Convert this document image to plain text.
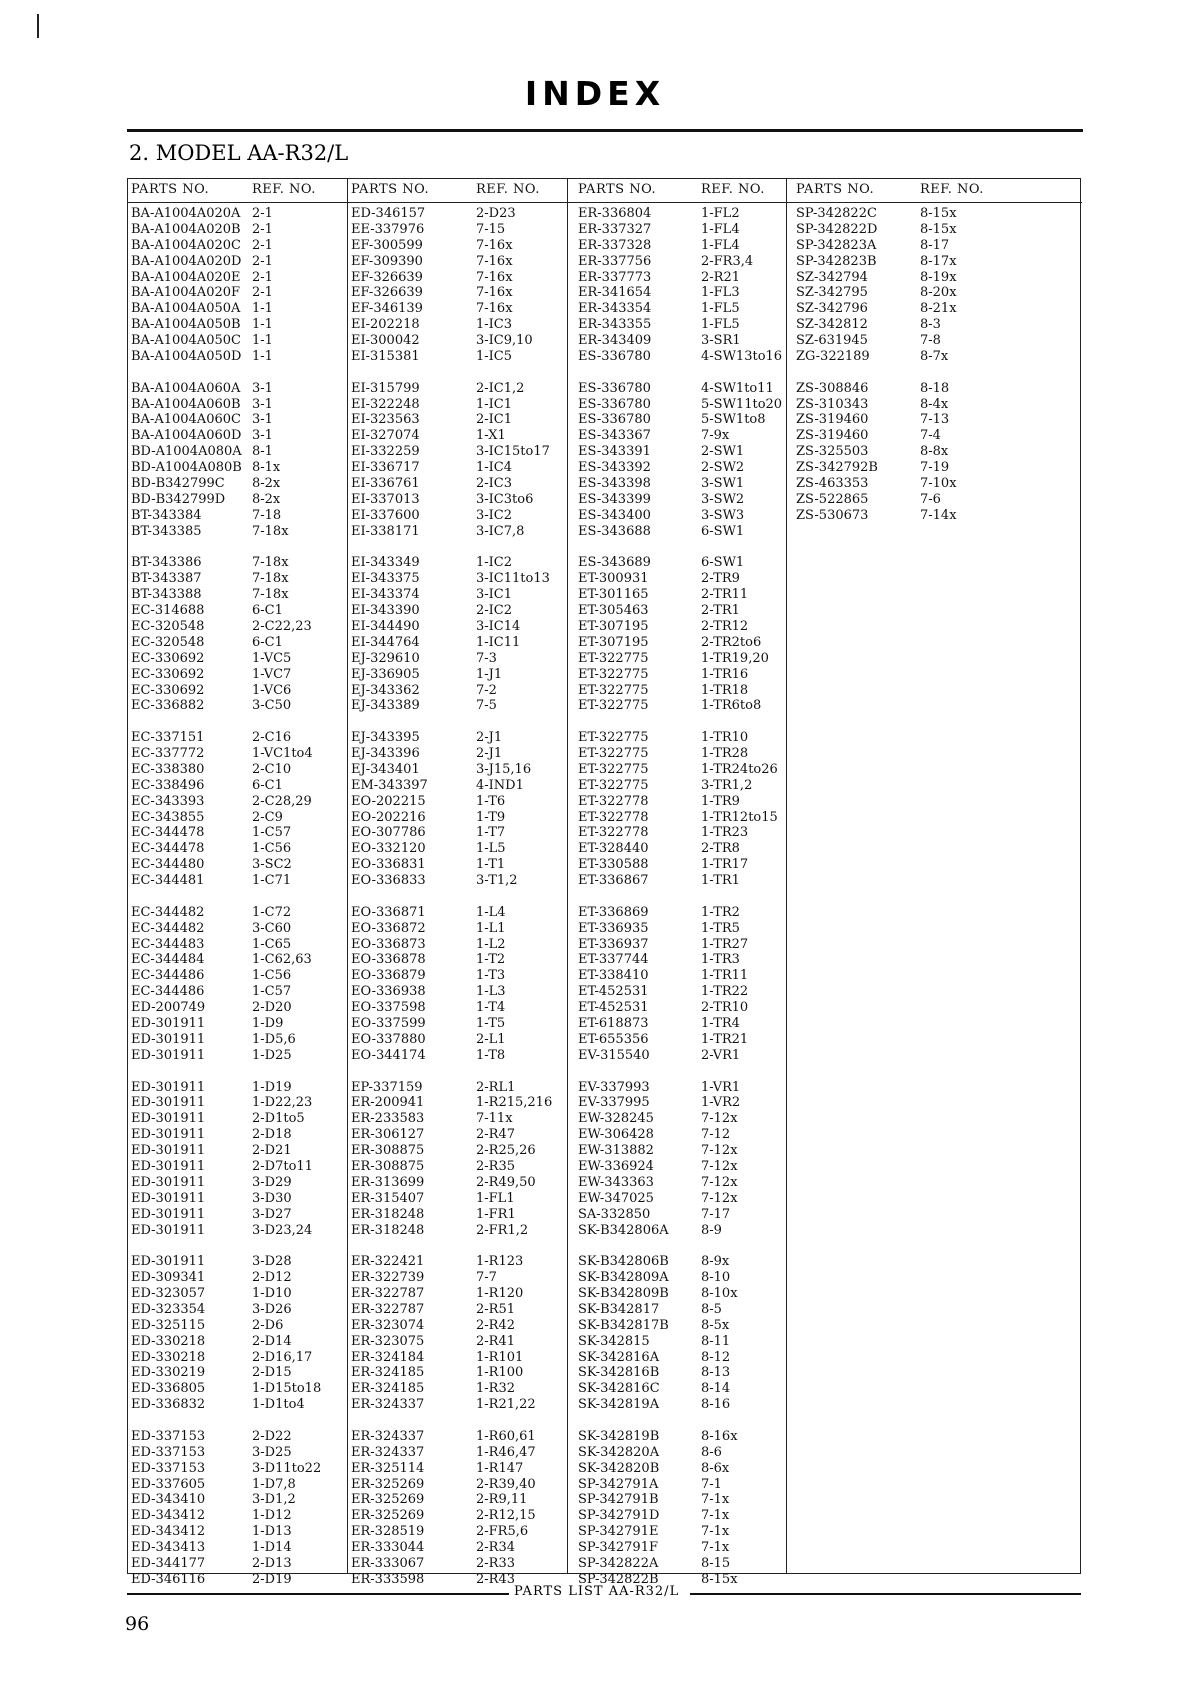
INDEX
2. MODEL AA-R32/L
PARTS NO.	REF. NO.
BA-A1004A020A 2-1
BA-A1004A020B 2-1
BA-A1004A020C 2-1
BA-A1004A020D 2-1
BA-A1004A020E 2-1
BA-A1004A020F 2-1
BA-A1004A050A 1-1
BA-A1004A050B 1-1
BA-A1004A050C 1-1
BA-A1004A050D 1-1
BA-A1004A060A 3-1
BA-A1004A060B 3-1
BA-A1004A060C 3-1
BA-A1004A060D 3-1
BD-A1004A080A 8-1
BD-A1004A080B 8-1x
BD-B342799C 8-2x
BD-B342799D 8-2x
BT-343384	7-18
BT-343385	7-18x
BT-343386	7-18x
BT-343387	7-18x
BT-343388	7-18x
EC-314688	6-C1
EC-320548	2-C22,23
EC-320548	6-C1
EC-330692	1-VC5
EC-330692	1-VC7
EC-330692	1-VC6
EC-336882	3-C50
EC-337151	2-C16
EC-337772	1-VC1to4
EC-338380	2-C10
EC-338496	6-C1
EC-343393	2-C28,29
EC-343855	2-C9
EC-344478	1-C57
EC-344478	1-C56
EC-344480	3-SC2
EC-344481	1-C71
EC-344482	1-C72
EC-344482	3-C60
EC-344483	1-C65
EC-344484	1-C62,63
EC-344486	1-C56
EC-344486	1-C57
ED-200749	2-D20
ED-301911	1-D9
ED-301911	1-D5,6
ED-301911	1-D25
ED-301911	1-D19
ED-301911	1-D22,23
ED-301911	2-D1to5
ED-301911	2-D18
ED-301911	2-D21
ED-301911	2-D7to11
ED-301911	3-D29
ED-301911	3-D30
ED-301911	3-D27
ED-301911	3-D23,24
ED-301911	3-D28
ED-309341	2-D12
ED-323057	1-D10
ED-323354	3-D26
ED-325115	2-D6
ED-330218	2-D14
ED-330218	2-D16,17
ED-330219	2-D15
ED-336805	1-D15to18
ED-336832	1-D1to4
ED-337153	2-D22
ED-337153	3-D25
ED-337153	3-D11to22
ED-337605	1-D7,8
ED-343410	3-D1,2
ED-343412	1-D12
ED-343412	1-D13
ED-343413	1-D14
ED-344177	2-D13
ED-346116	2-D19
PARTS NO.	REF. NO.
ED-346157	2-D23
EE-337976	7-15
EF-300599	7-16x
EF-309390	7-16x
EF-326639	7-16x
EF-326639	7-16x
EF-346139	7-16x
EI-202218	1-IC3
EI-300042	3-IC9,10
EI-315381	1-IC5
EI-315799	2-IC1,2
EI-322248	1-IC1
EI-323563	2-IC1
EI-327074	1-X1
EI-332259	3-IC15to17
EI-336717	1-IC4
EI-336761	2-IC3
EI-337013	3-IC3to6
EI-337600	3-IC2
EI-338171	3-IC7,8
EI-343349	1-IC2
EI-343375	3-IC11to13
EI-343374	3-IC1
EI-343390	2-IC2
EI-344490	3-IC14
EI-344764	1-IC11
EJ-329610	7-3
EJ-336905	1-J1
EJ-343362	7-2
EJ-343389	7-5
EJ-343395	2-J1
EJ-343396	2-J1
EJ-343401	3-J15,16
EM-343397	4-IND1
EO-202215	1-T6
EO-202216	1-T9
EO-307786	1-T7
EO-332120	1-L5
EO-336831	1-T1
EO-336833	3-T1,2
EO-336871	1-L4
EO-336872	1-L1
EO-336873	1-L2
EO-336878	1-T2
EO-336879	1-T3
EO-336938	1-L3
EO-337598	1-T4
EO-337599	1-T5
EO-337880	2-L1
EO-344174	1-T8
EP-337159	2-RL1
ER-200941	1-R215,216
ER-233583	7-11x
ER-306127	2-R47
ER-308875	2-R25,26
ER-308875	2-R35
ER-313699	2-R49,50
ER-315407	1-FL1
ER-318248	1-FR1
ER-318248	2-FR1,2
ER-322421	1-R123
ER-322739	7-7
ER-322787	1-R120
ER-322787	2-R51
ER-323074	2-R42
ER-323075	2-R41
ER-324184	1-R101
ER-324185	1-R100
ER-324185	1-R32
ER-324337	1-R21,22
ER-324337	1-R60,61
ER-324337	1-R46,47
ER-325114	1-R147
ER-325269	2-R39,40
ER-325269	2-R9,11
ER-325269	2-R12,15
ER-328519	2-FR5,6
ER-333044	2-R34
ER-333067	2-R33
ER-333598	2-R43
PARTS NO.	REF. NO.
ER-336804	1-FL2
ER-337327	1-FL4
ER-337328	1-FL4
ER-337756	2-FR3,4
ER-337773	2-R21
ER-341654	1-FL3
ER-343354	1-FL5
ER-343355	1-FL5
ER-343409	3-SR1
ES-336780	4-SW13to16
ES-336780	4-SW1to11
ES-336780	5-SW11to20
ES-336780	5-SW1to8
ES-343367	7-9x
ES-343391	2-SW1
ES-343392	2-SW2
ES-343398	3-SW1
ES-343399	3-SW2
ES-343400	3-SW3
ES-343688	6-SW1
ES-343689	6-SW1
ET-300931	2-TR9
ET-301165	2-TR11
ET-305463	2-TR1
ET-307195	2-TR12
ET-307195	2-TR2to6
ET-322775	1-TR19,20
ET-322775	1-TR16
ET-322775	1-TR18
ET-322775	1-TR6to8
ET-322775	1-TR10
ET-322775	1-TR28
ET-322775	1-TR24to26
ET-322775	3-TR1,2
ET-322778	1-TR9
ET-322778	1-TR12to15
ET-322778	1-TR23
ET-328440	2-TR8
ET-330588	1-TR17
ET-336867	1-TR1
ET-336869	1-TR2
ET-336935	1-TR5
ET-336937	1-TR27
ET-337744	1-TR3
ET-338410	1-TR11
ET-452531	1-TR22
ET-452531	2-TR10
ET-618873	1-TR4
ET-655356	1-TR21
EV-315540	2-VR1
EV-337993	1-VR1
EV-337995	1-VR2
EW-328245	7-12x
EW-306428	7-12
EW-313882	7-12x
EW-336924	7-12x
EW-343363	7-12x
EW-347025	7-12x
SA-332850	7-17
SK-B342806A 8-9
SK-B342806B 8-9x
SK-B342809A 8-10
SK-B342809B 8-10x
SK-B342817	8-5
SK-B342817B 8-5x
SK-342815	8-11
SK-342816A	8-12
SK-342816B	8-13
SK-342816C	8-14
SK-342819A	8-16
SK-342819B	8-16x
SK-342820A	8-6
SK-342820B	8-6x
SP-342791A	7-1
SP-342791B	7-1x
SP-342791D	7-1x
SP-342791E	7-1x
SP-342791F	7-1x
SP-342822A	8-15
SP-342822B	8-15x
PARTS NO.	REF. NO.
SP-342822C	8-15x
SP-342822D	8-15x
SP-342823A	8-17
SP-342823B	8-17x
SZ-342794	8-19x
SZ-342795	8-20x
SZ-342796	8-21x
SZ-342812	8-3
SZ-631945	7-8
ZG-322189	8-7x
ZS-308846	8-18
ZS-310343	8-4x
ZS-319460	7-13
ZS-319460	7-4
ZS-325503	8-8x
ZS-342792B	7-19
ZS-463353	7-10x
ZS-522865	7-6
ZS-530673	7-14x
PARTS LIST AA-R32/L
96
